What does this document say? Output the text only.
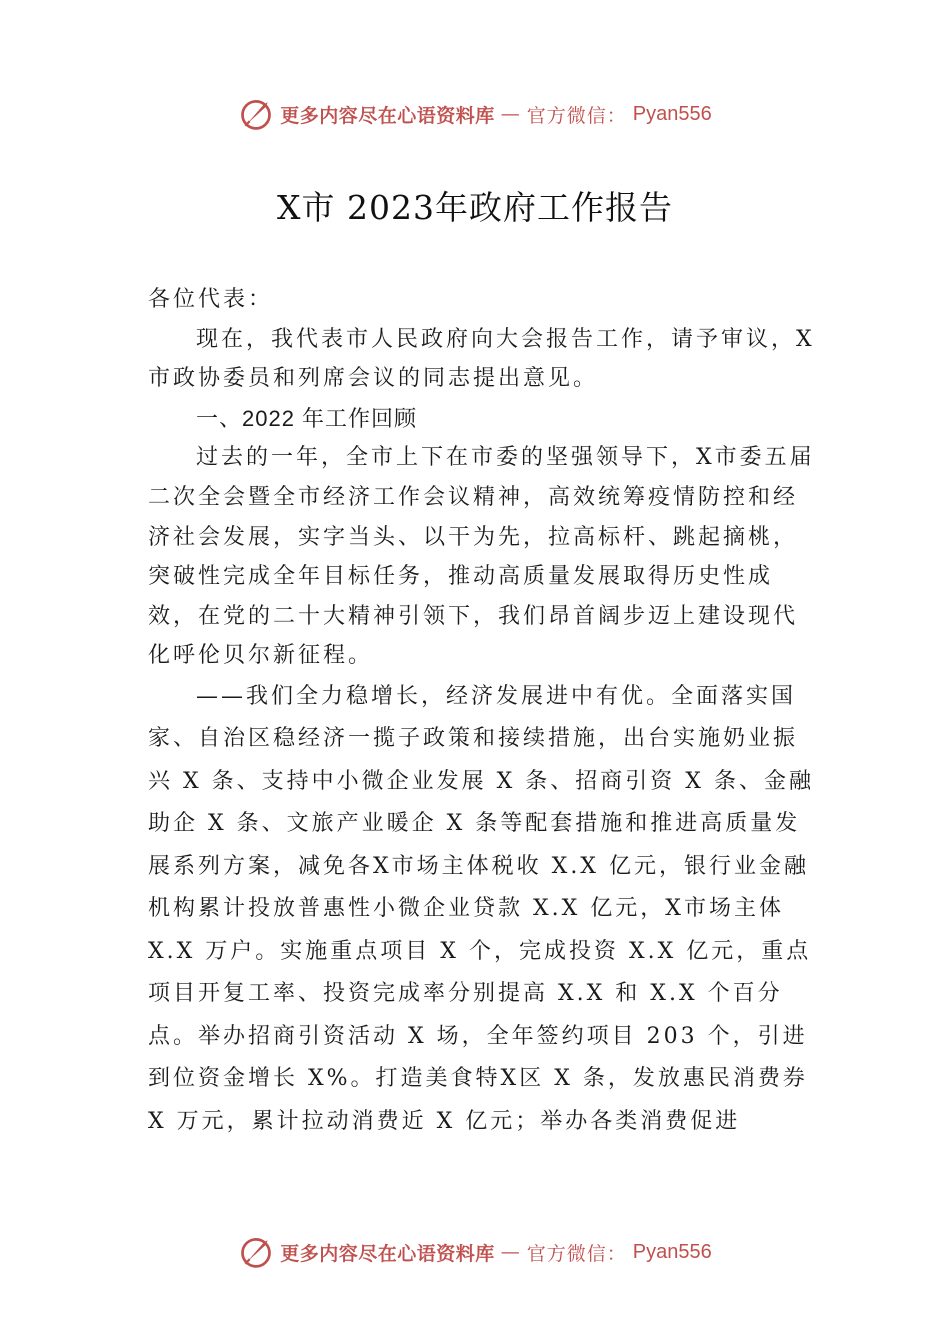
更多内容尽在心语资料库 — 官方微信： Pyan556
X市 2023年政府工作报告

各位代表：

现在，我代表市人民政府向大会报告工作，请予审议，X市政协委员和列席会议的同志提出意见。

一、2022 年工作回顾

过去的一年，全市上下在市委的坚强领导下，X市委五届二次全会暨全市经济工作会议精神，高效统筹疫情防控和经济社会发展，实字当头、以干为先，拉高标杆、跳起摘桃，突破性完成全年目标任务，推动高质量发展取得历史性成效，在党的二十大精神引领下，我们昂首阔步迈上建设现代化呼伦贝尔新征程。

——我们全力稳增长，经济发展进中有优。全面落实国家、自治区稳经济一揽子政策和接续措施，出台实施奶业振兴 X 条、支持中小微企业发展 X 条、招商引资 X 条、金融助企 X 条、文旅产业暖企 X 条等配套措施和推进高质量发展系列方案，减免各X市场主体税收 X.X 亿元，银行业金融机构累计投放普惠性小微企业贷款 X.X 亿元，X市场主体 X.X 万户。实施重点项目 X 个，完成投资 X.X 亿元，重点项目开复工率、投资完成率分别提高 X.X 和 X.X 个百分点。举办招商引资活动 X 场，全年签约项目 203 个，引进到位资金增长 X%。打造美食特X区 X 条，发放惠民消费券 X 万元，累计拉动消费近 X 亿元；举办各类消费促进

更多内容尽在心语资料库 — 官方微信： Pyan556
